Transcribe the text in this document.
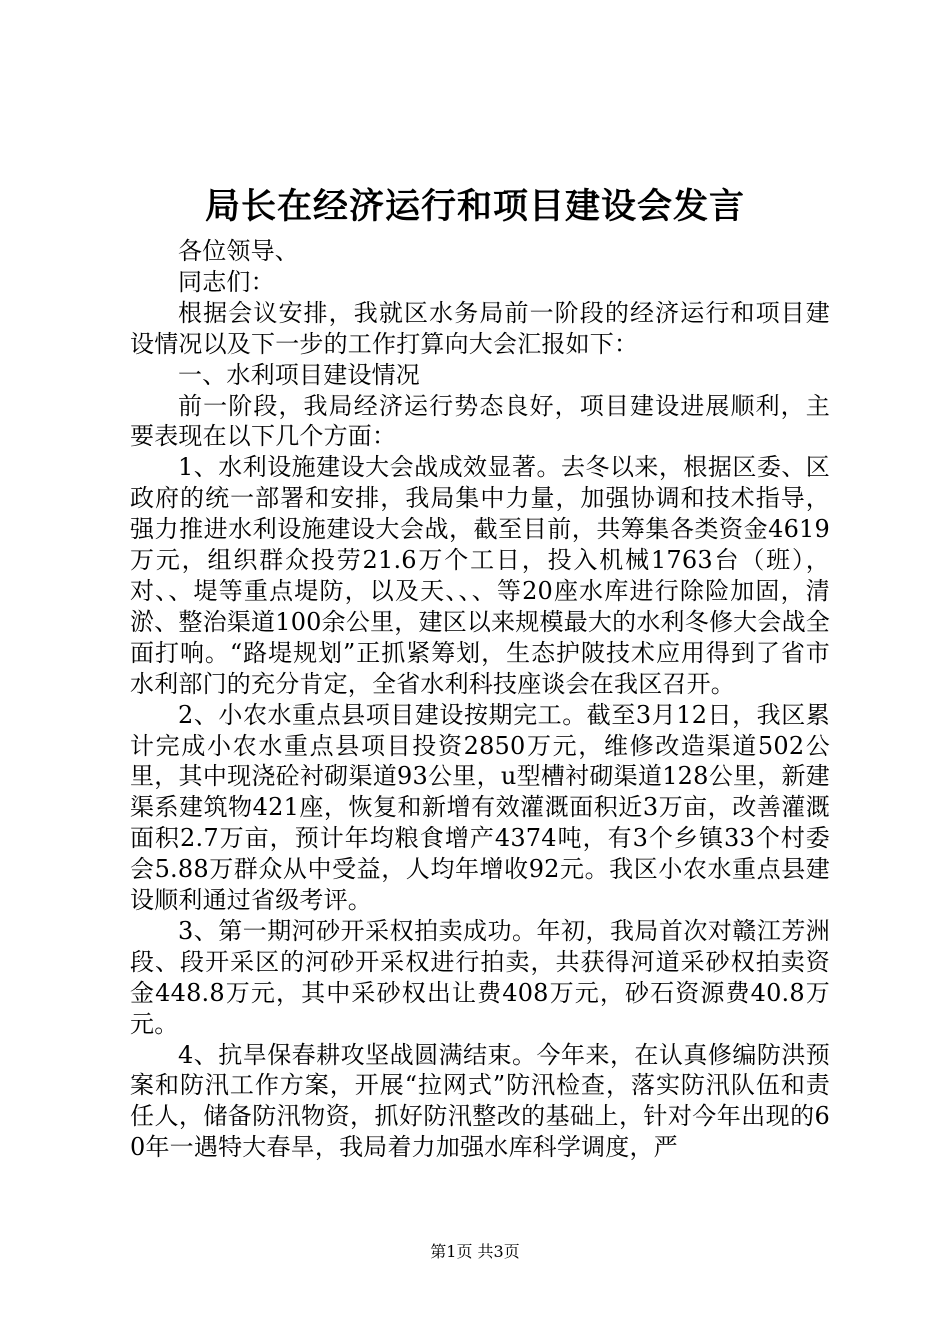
局长在经济运行和项目建设会发言

各位领导、

同志们：

根据会议安排，我就区水务局前一阶段的经济运行和项目建设情况以及下一步的工作打算向大会汇报如下：

一、水利项目建设情况

前一阶段，我局经济运行势态良好，项目建设进展顺利，主要表现在以下几个方面：

1、水利设施建设大会战成效显著。去冬以来，根据区委、区政府的统一部署和安排，我局集中力量，加强协调和技术指导，强力推进水利设施建设大会战，截至目前，共筹集各类资金4619万元，组织群众投劳21.6万个工日，投入机械1763台（班），对、、堤等重点堤防，以及天、、、等20座水库进行除险加固，清淤、整治渠道100余公里，建区以来规模最大的水利冬修大会战全面打响。“路堤规划”正抓紧筹划，生态护陂技术应用得到了省市水利部门的充分肯定，全省水利科技座谈会在我区召开。

2、小农水重点县项目建设按期完工。截至3月12日，我区累计完成小农水重点县项目投资2850万元，维修改造渠道502公里，其中现浇砼衬砌渠道93公里，u型槽衬砌渠道128公里，新建渠系建筑物421座，恢复和新增有效灌溉面积近3万亩，改善灌溉面积2.7万亩，预计年均粮食增产4374吨，有3个乡镇33个村委会5.88万群众从中受益，人均年增收92元。我区小农水重点县建设顺利通过省级考评。

3、第一期河砂开采权拍卖成功。年初，我局首次对赣江芳洲段、段开采区的河砂开采权进行拍卖，共获得河道采砂权拍卖资金448.8万元，其中采砂权出让费408万元，砂石资源费40.8万元。

4、抗旱保春耕攻坚战圆满结束。今年来，在认真修编防洪预案和防汛工作方案，开展“拉网式”防汛检查，落实防汛队伍和责任人，储备防汛物资，抓好防汛整改的基础上，针对今年出现的60年一遇特大春旱，我局着力加强水库科学调度，严

第1页 共3页
